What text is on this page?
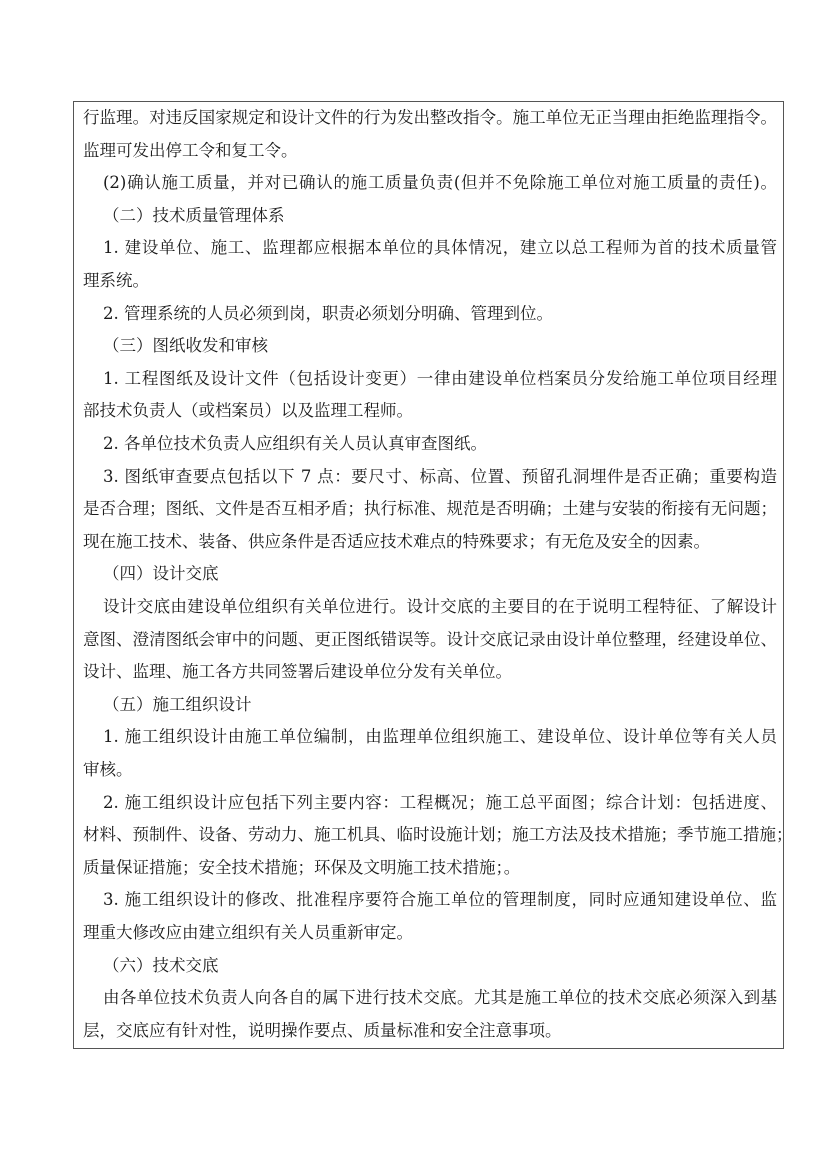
行监理。对违反国家规定和设计文件的行为发出整改指令。施工单位无正当理由拒绝监理指令。
监理可发出停工令和复工令。
(2)确认施工质量，并对已确认的施工质量负责(但并不免除施工单位对施工质量的责任)。
（二）技术质量管理体系
1. 建设单位、施工、监理都应根据本单位的具体情况，建立以总工程师为首的技术质量管
理系统。
2. 管理系统的人员必须到岗，职责必须划分明确、管理到位。
（三）图纸收发和审核
1. 工程图纸及设计文件（包括设计变更）一律由建设单位档案员分发给施工单位项目经理
部技术负责人（或档案员）以及监理工程师。
2. 各单位技术负责人应组织有关人员认真审查图纸。
3. 图纸审查要点包括以下 7 点：要尺寸、标高、位置、预留孔洞埋件是否正确；重要构造
是否合理；图纸、文件是否互相矛盾；执行标准、规范是否明确；土建与安装的衔接有无问题；
现在施工技术、装备、供应条件是否适应技术难点的特殊要求；有无危及安全的因素。
（四）设计交底
设计交底由建设单位组织有关单位进行。设计交底的主要目的在于说明工程特征、了解设计
意图、澄清图纸会审中的问题、更正图纸错误等。设计交底记录由设计单位整理，经建设单位、
设计、监理、施工各方共同签署后建设单位分发有关单位。
（五）施工组织设计
1. 施工组织设计由施工单位编制，由监理单位组织施工、建设单位、设计单位等有关人员
审核。
2. 施工组织设计应包括下列主要内容：工程概况；施工总平面图；综合计划：包括进度、
材料、预制件、设备、劳动力、施工机具、临时设施计划；施工方法及技术措施；季节施工措施；
质量保证措施；安全技术措施；环保及文明施工技术措施；。
3. 施工组织设计的修改、批准程序要符合施工单位的管理制度，同时应通知建设单位、监
理重大修改应由建立组织有关人员重新审定。
（六）技术交底
由各单位技术负责人向各自的属下进行技术交底。尤其是施工单位的技术交底必须深入到基
层，交底应有针对性，说明操作要点、质量标准和安全注意事项。
